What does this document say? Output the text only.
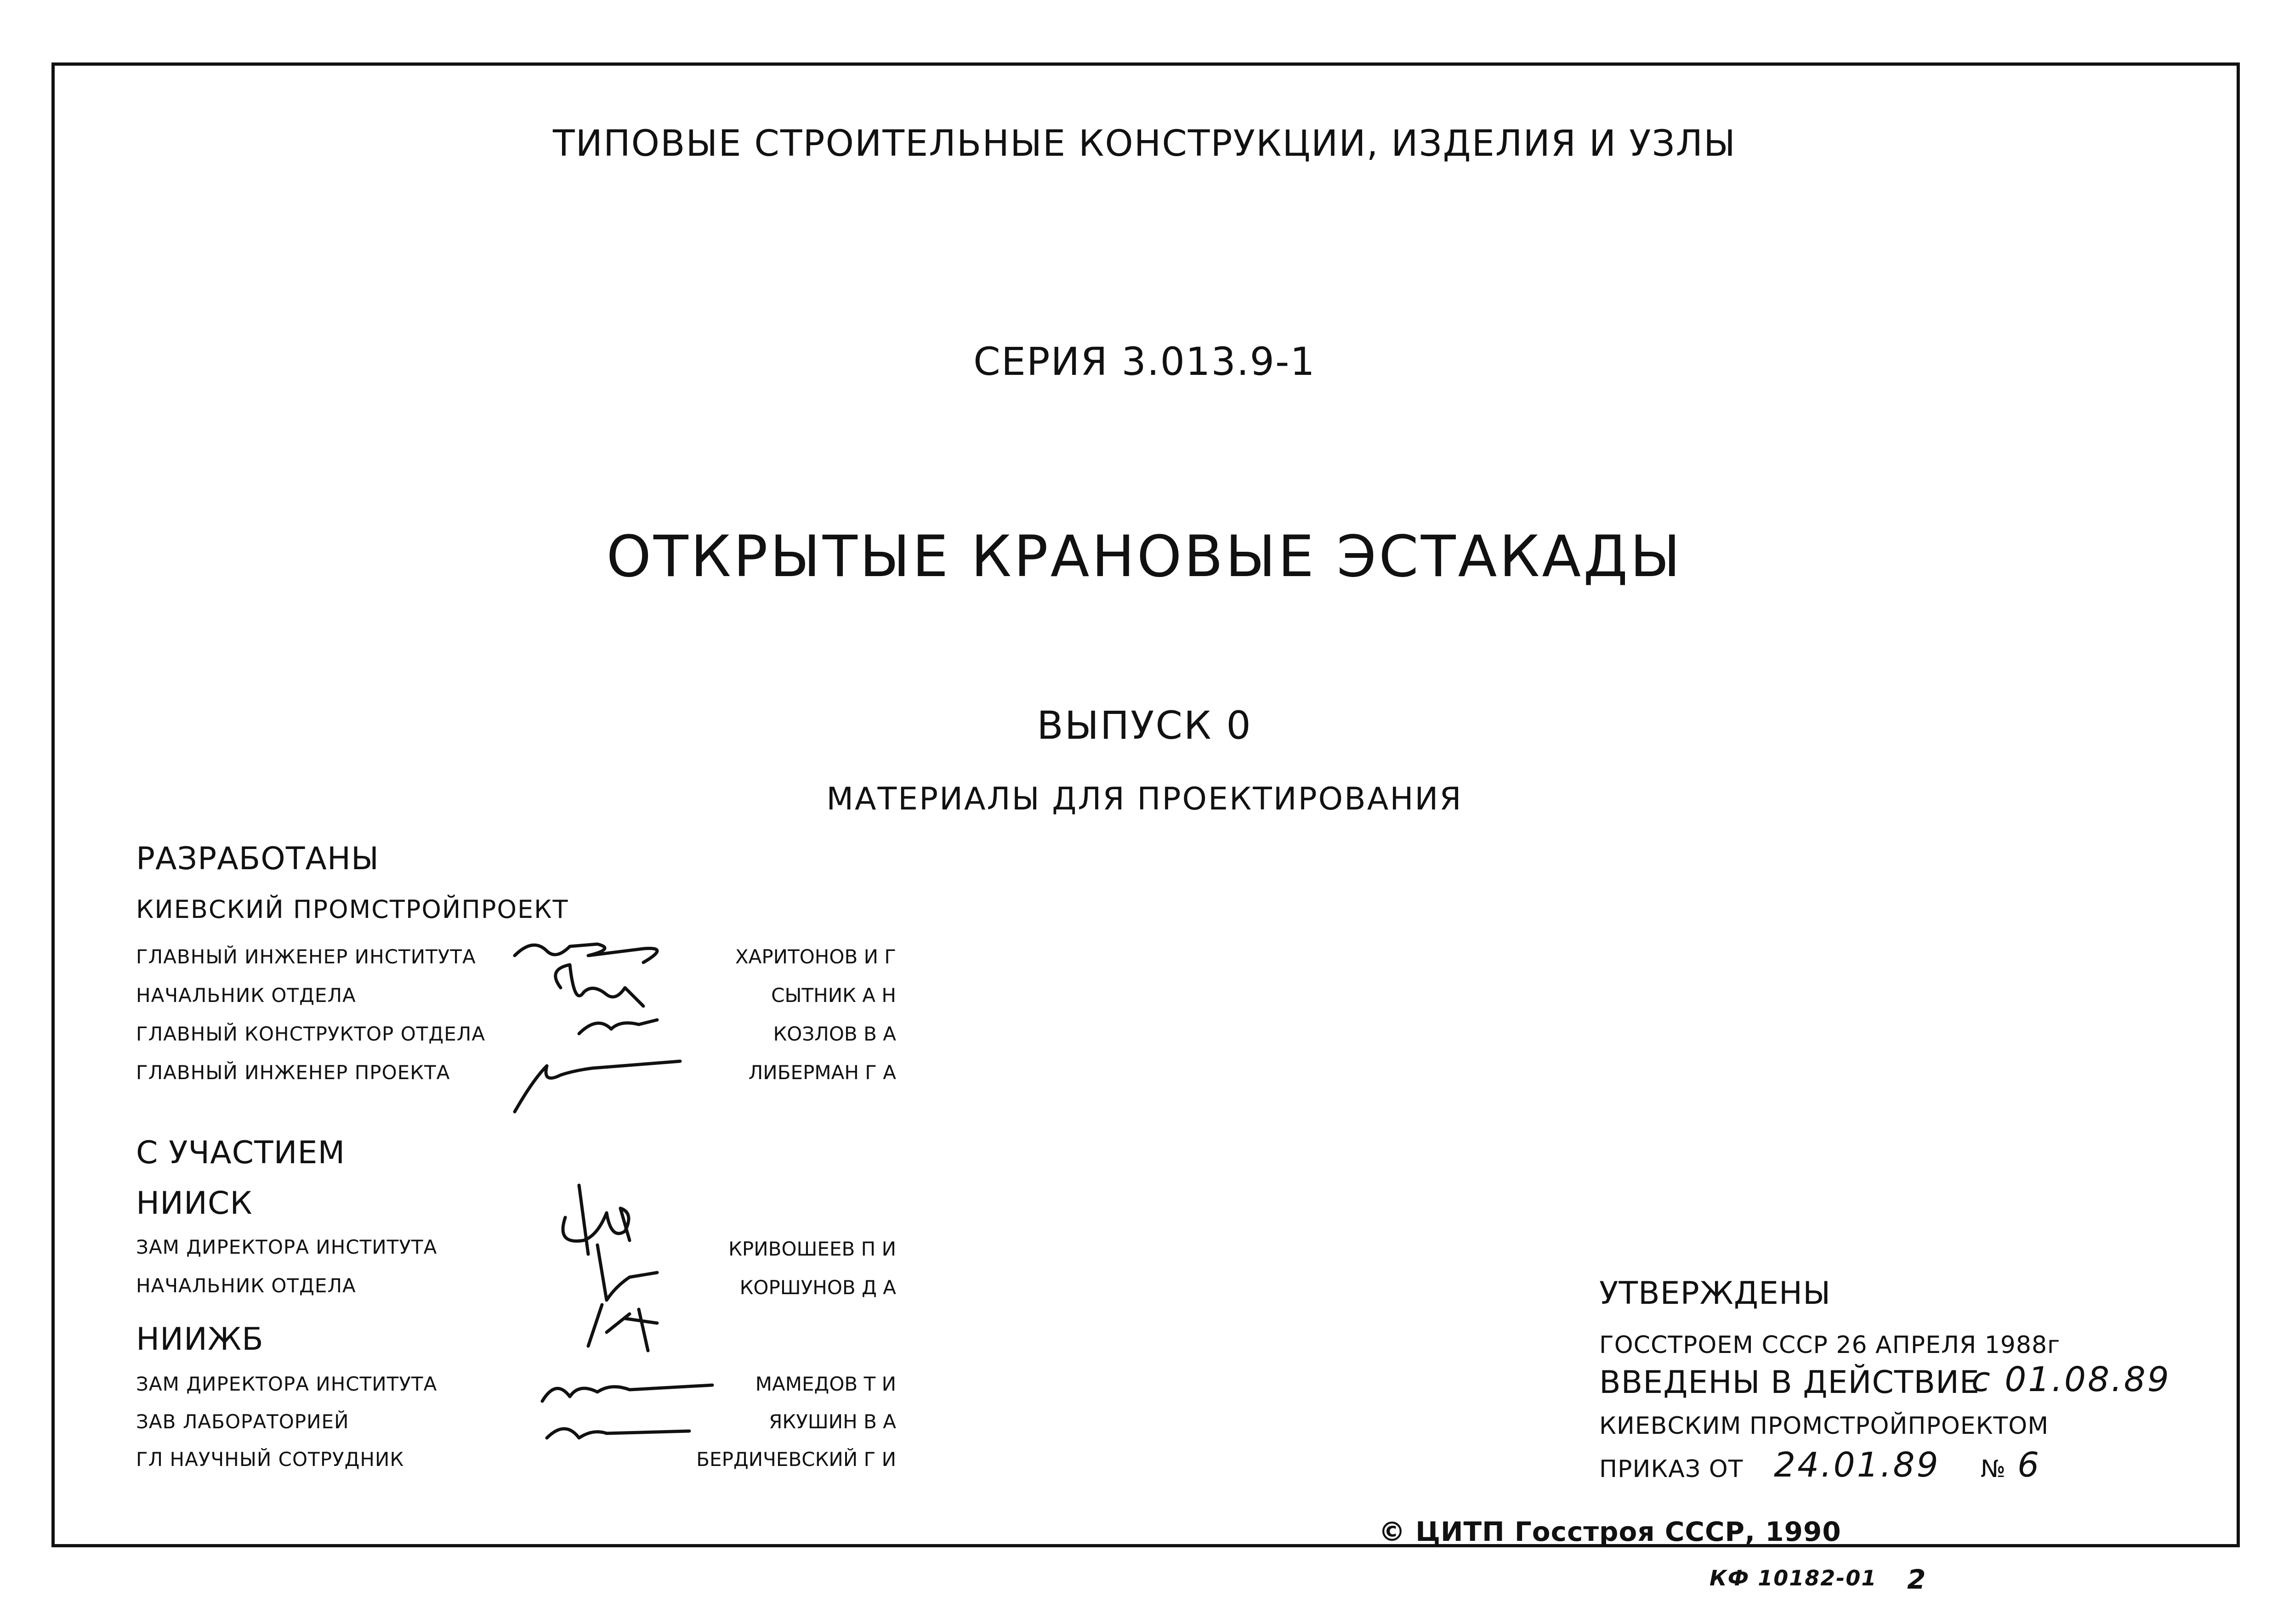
ТИПОВЫЕ СТРОИТЕЛЬНЫЕ КОНСТРУКЦИИ, ИЗДЕЛИЯ И УЗЛЫ
СЕРИЯ 3.013.9-1
ОТКРЫТЫЕ КРАНОВЫЕ ЭСТАКАДЫ
ВЫПУСК 0
МАТЕРИАЛЫ ДЛЯ ПРОЕКТИРОВАНИЯ
РАЗРАБОТАНЫ
КИЕВСКИЙ ПРОМСТРОЙПРОЕКТ
ГЛАВНЫЙ ИНЖЕНЕР ИНСТИТУТА	ХАРИТОНОВ И Г
НАЧАЛЬНИК ОТДЕЛА	СЫТНИК А Н
ГЛАВНЫЙ КОНСТРУКТОР ОТДЕЛА	КОЗЛОВ В А
ГЛАВНЫЙ ИНЖЕНЕР ПРОЕКТА	ЛИБЕРМАН Г А
С УЧАСТИЕМ
НИИСК
ЗАМ ДИРЕКТОРА ИНСТИТУТА	КРИВОШЕЕВ П И
НАЧАЛЬНИК ОТДЕЛА	КОРШУНОВ Д А
НИИЖБ
ЗАМ ДИРЕКТОРА ИНСТИТУТА	МАМЕДОВ Т И
ЗАВ ЛАБОРАТОРИЕЙ	ЯКУШИН В А
ГЛ НАУЧНЫЙ СОТРУДНИК	БЕРДИЧЕВСКИЙ Г И
УТВЕРЖДЕНЫ
ГОССТРОЕМ СССР 26 АПРЕЛЯ 1988г
ВВЕДЕНЫ В ДЕЙСТВИЕ
с 01.08.89
КИЕВСКИМ ПРОМСТРОЙПРОЕКТОМ
ПРИКАЗ ОТ 24.01.89 № 6
© ЦИТП Госстроя СССР, 1990
КФ 10182-01 2
